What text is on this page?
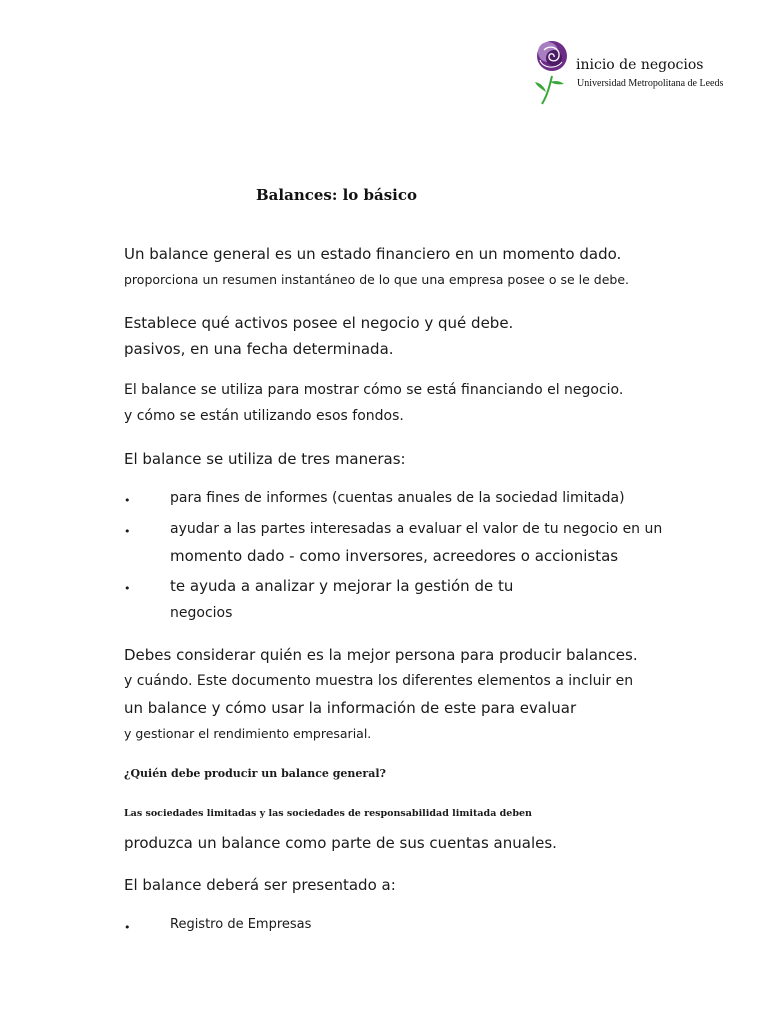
inicio de negocios
Universidad Metropolitana de Leeds
Balances: lo básico

Un balance general es un estado financiero en un momento dado.

proporciona un resumen instantáneo de lo que una empresa posee o se le debe.

Establece qué activos posee el negocio y qué debe.

pasivos, en una fecha determinada.

El balance se utiliza para mostrar cómo se está financiando el negocio.

y cómo se están utilizando esos fondos.

El balance se utiliza de tres maneras:

•	para fines de informes (cuentas anuales de la sociedad limitada)

•	ayudar a las partes interesadas a evaluar el valor de tu negocio en un

momento dado - como inversores, acreedores o accionistas

•	te ayuda a analizar y mejorar la gestión de tu

negocios

Debes considerar quién es la mejor persona para producir balances.

y cuándo. Este documento muestra los diferentes elementos a incluir en

un balance y cómo usar la información de este para evaluar

y gestionar el rendimiento empresarial.

¿Quién debe producir un balance general?

Las sociedades limitadas y las sociedades de responsabilidad limitada deben

produzca un balance como parte de sus cuentas anuales.

El balance deberá ser presentado a:

•	Registro de Empresas
